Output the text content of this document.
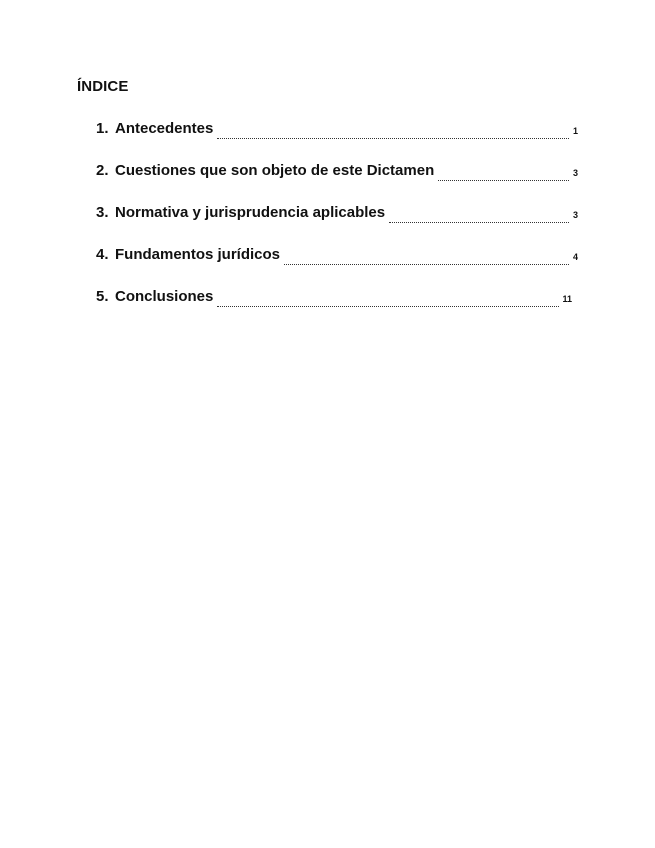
ÍNDICE
1. Antecedentes	1
2. Cuestiones que son objeto de este Dictamen	3
3. Normativa y jurisprudencia aplicables	3
4. Fundamentos jurídicos	4
5. Conclusiones	11
